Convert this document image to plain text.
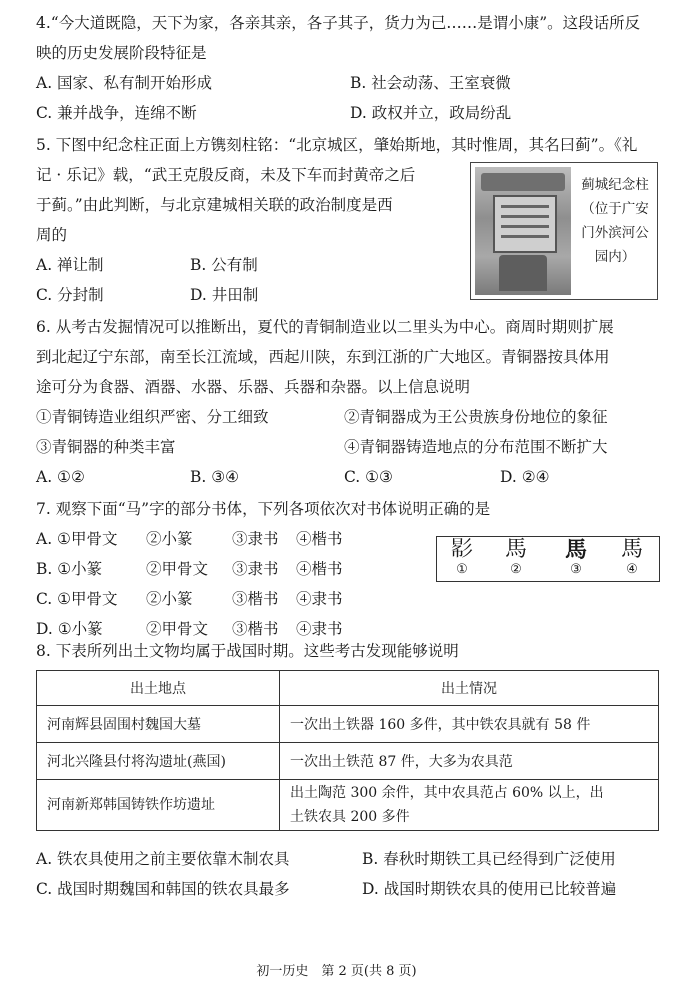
4.“今大道既隐，天下为家，各亲其亲，各子其子，货力为己……是谓小康”。这段话所反
映的历史发展阶段特征是
A. 国家、私有制开始形成	B. 社会动荡、王室衰微
C. 兼并战争，连绵不断	D. 政权并立，政局纷乱
5. 下图中纪念柱正面上方镌刻柱铭：“北京城区，肇始斯地，其时惟周，其名曰蓟”。《礼
记 · 乐记》载，“武王克殷反商，未及下车而封黄帝之后
于蓟。”由此判断，与北京建城相关联的政治制度是西
周的
A. 禅让制	B. 公有制
C. 分封制	D. 井田制
蓟城纪念柱（位于广安门外滨河公园内）
6. 从考古发掘情况可以推断出，夏代的青铜制造业以二里头为中心。商周时期则扩展
到北起辽宁东部，南至长江流域，西起川陕，东到江浙的广大地区。青铜器按具体用
途可分为食器、酒器、水器、乐器、兵器和杂器。以上信息说明
①青铜铸造业组织严密、分工细致	②青铜器成为王公贵族身份地位的象征
③青铜器的种类丰富	④青铜器铸造地点的分布范围不断扩大
A. ①②	B. ③④	C. ①③	D. ②④
7. 观察下面“马”字的部分书体，下列各项依次对书体说明正确的是
A. ①甲骨文 ②小篆	③隶书 ④楷书
B. ①小篆	②甲骨文 ③隶书 ④楷书
C. ①甲骨文 ②小篆	③楷书 ④隶书
D. ①小篆	②甲骨文 ③楷书 ④隶书
𢒠	馬	馬	馬
①	②	③	④
8. 下表所列出土文物均属于战国时期。这些考古发现能够说明
出土地点	出土情况
河南辉县固围村魏国大墓	一次出土铁器 160 多件，其中铁农具就有 58 件
河北兴隆县付将沟遗址(燕国)	一次出土铁范 87 件，大多为农具范
河南新郑韩国铸铁作坊遗址	出土陶范 300 余件，其中农具范占 60% 以上，出
土铁农具 200 多件
A. 铁农具使用之前主要依靠木制农具	B. 春秋时期铁工具已经得到广泛使用
C. 战国时期魏国和韩国的铁农具最多	D. 战国时期铁农具的使用已比较普遍
初一历史　第 2 页(共 8 页)
